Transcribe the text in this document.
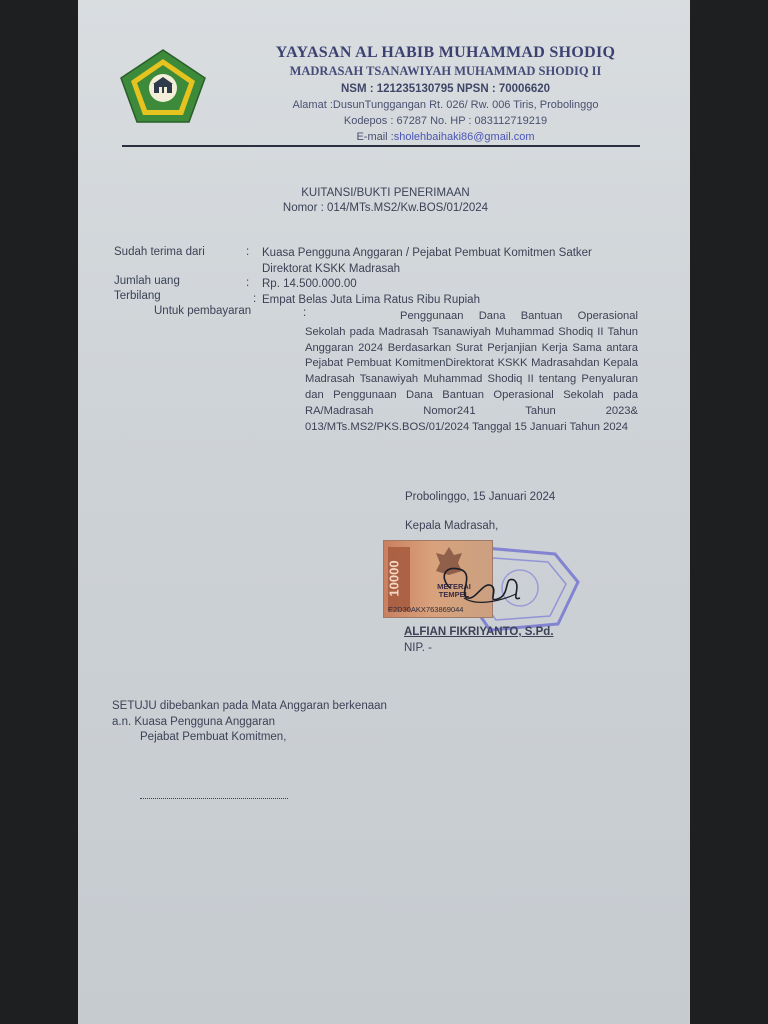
YAYASAN AL HABIB MUHAMMAD SHODIQ
MADRASAH TSANAWIYAH MUHAMMAD SHODIQ II
NSM : 121235130795 NPSN : 70006620
Alamat :DusunTunggangan Rt. 026/ Rw. 006 Tiris, Probolinggo
Kodepos : 67287 No. HP : 083112719219
E-mail :sholehbaihaki86@gmail.com
KUITANSI/BUKTI PENERIMAAN
Nomor : 014/MTs.MS2/Kw.BOS/01/2024
Sudah terima dari	: Kuasa Pengguna Anggaran / Pejabat Pembuat Komitmen Satker
Direktorat KSKK Madrasah
Jumlah uang	: Rp. 14.500.000.00
Terbilang	: Empat Belas Juta Lima Ratus Ribu Rupiah
Untuk pembayaran	:	Penggunaan Dana Bantuan Operasional Sekolah pada Madrasah Tsanawiyah Muhammad Shodiq II Tahun Anggaran 2024 Berdasarkan Surat Perjanjian Kerja Sama antara Pejabat Pembuat KomitmenDirektorat KSKK Madrasahdan Kepala Madrasah Tsanawiyah Muhammad Shodiq II tentang Penyaluran dan Penggunaan Dana Bantuan Operasional Sekolah pada RA/Madrasah Nomor241 Tahun 2023& 013/MTs.MS2/PKS.BOS/01/2024 Tanggal 15 Januari Tahun 2024
Probolinggo, 15 Januari 2024
Kepala Madrasah,
10000	METERAI TEMPEL
E2D30AKX763869044
ALFIAN FIKRIYANTO, S.Pd.
NIP. -
SETUJU dibebankan pada Mata Anggaran berkenaan
a.n. Kuasa Pengguna Anggaran
Pejabat Pembuat Komitmen,
